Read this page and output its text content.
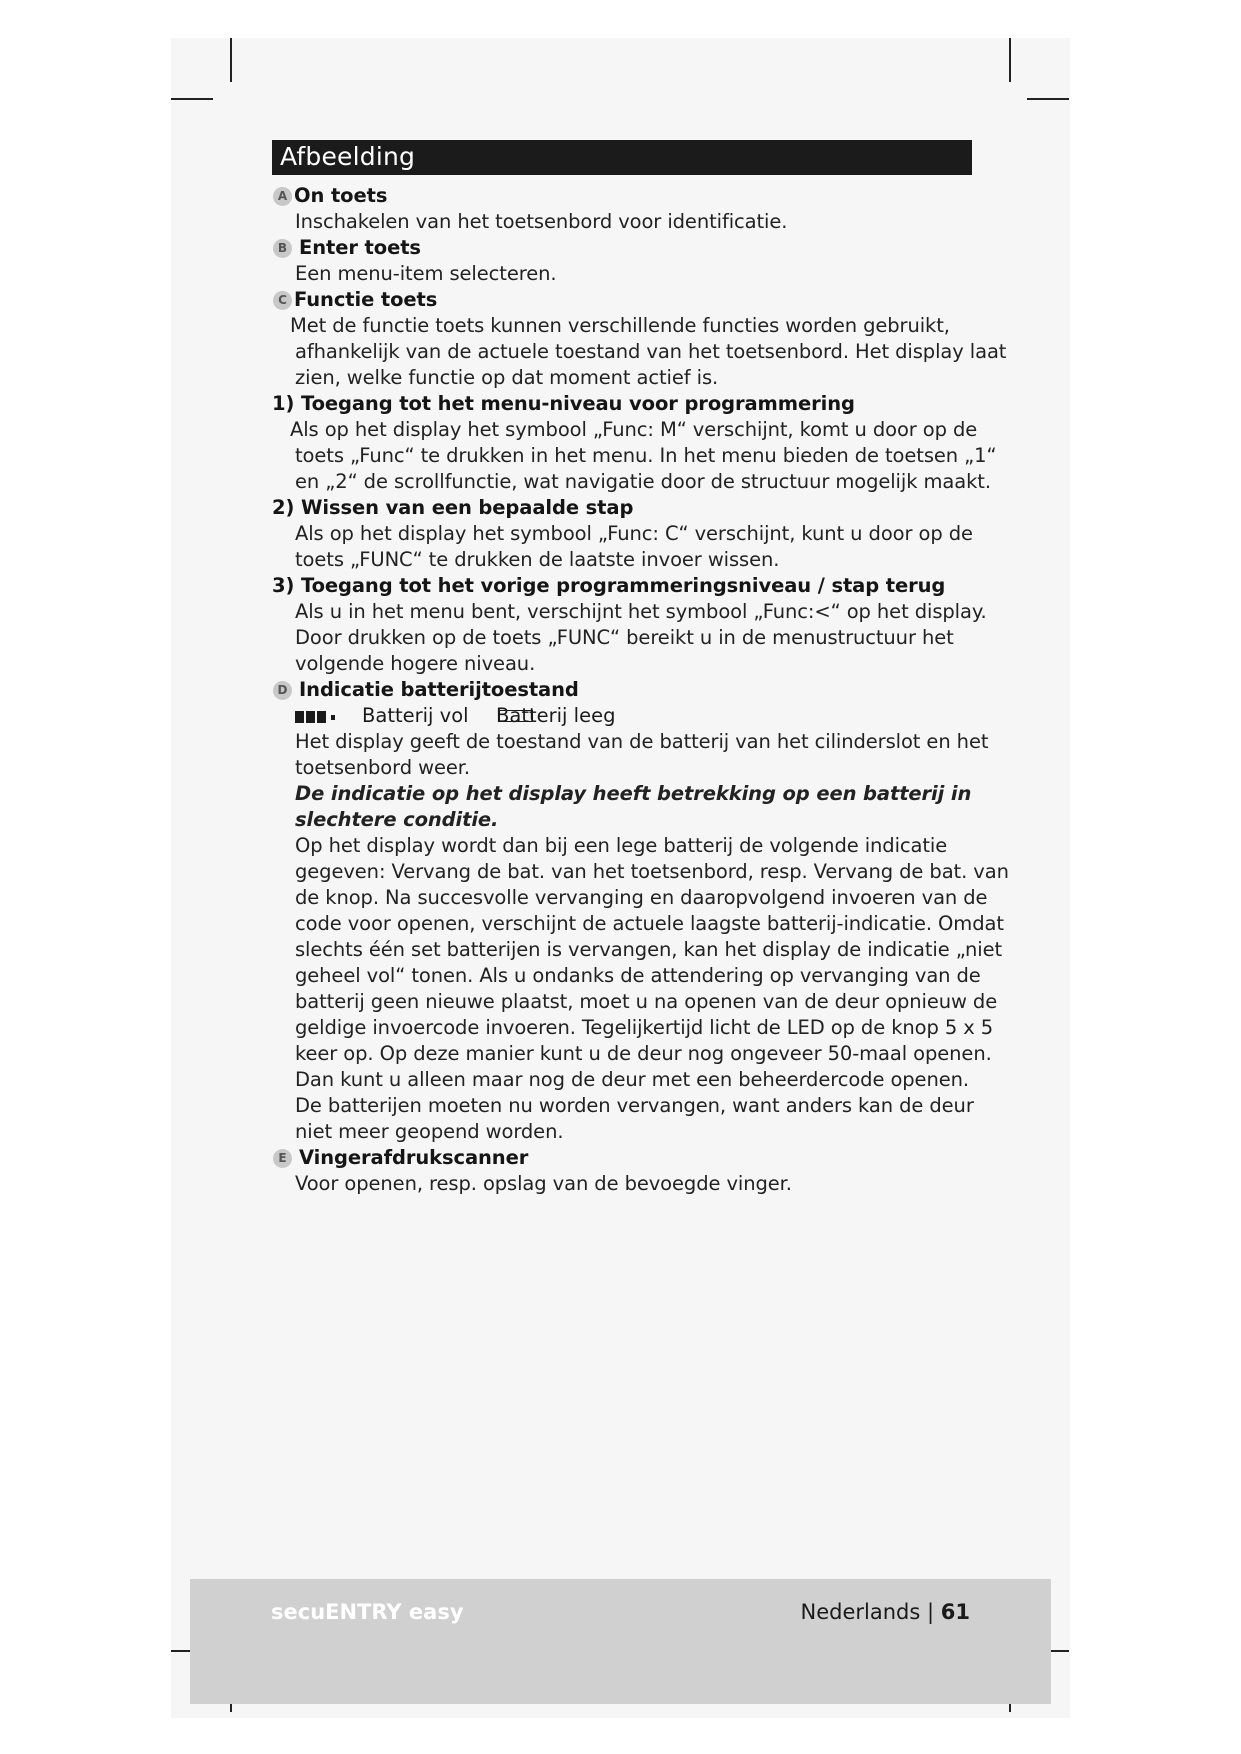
Afbeelding
A On toets
Inschakelen van het toetsenbord voor identificatie.
B Enter toets
Een menu-item selecteren.
C Functie toets
Met de functie toets kunnen verschillende functies worden gebruikt,
afhankelijk van de actuele toestand van het toetsenbord. Het display laat
zien, welke functie op dat moment actief is.
1) Toegang tot het menu-niveau voor programmering
Als op het display het symbool „Func: M“ verschijnt, komt u door op de
toets „Func“ te drukken in het menu. In het menu bieden de toetsen „1“
en „2“ de scrollfunctie, wat navigatie door de structuur mogelijk maakt.
2) Wissen van een bepaalde stap
Als op het display het symbool „Func: C“ verschijnt, kunt u door op de
toets „FUNC“ te drukken de laatste invoer wissen.
3) Toegang tot het vorige programmeringsniveau / stap terug
Als u in het menu bent, verschijnt het symbool „Func:<“ op het display.
Door drukken op de toets „FUNC“ bereikt u in de menustructuur het
volgende hogere niveau.
D Indicatie batterijtoestand
Batterij vol Batterij leeg
Het display geeft de toestand van de batterij van het cilinderslot en het
toetsenbord weer.
De indicatie op het display heeft betrekking op een batterij in
slechtere conditie.
Op het display wordt dan bij een lege batterij de volgende indicatie
gegeven: Vervang de bat. van het toetsenbord, resp. Vervang de bat. van
de knop. Na succesvolle vervanging en daaropvolgend invoeren van de
code voor openen, verschijnt de actuele laagste batterij-indicatie. Omdat
slechts één set batterijen is vervangen, kan het display de indicatie „niet
geheel vol“ tonen. Als u ondanks de attendering op vervanging van de
batterij geen nieuwe plaatst, moet u na openen van de deur opnieuw de
geldige invoercode invoeren. Tegelijkertijd licht de LED op de knop 5 x 5
keer op. Op deze manier kunt u de deur nog ongeveer 50-maal openen.
Dan kunt u alleen maar nog de deur met een beheerdercode openen.
De batterijen moeten nu worden vervangen, want anders kan de deur
niet meer geopend worden.
E Vingerafdrukscanner
Voor openen, resp. opslag van de bevoegde vinger.
secuENTRY easy	Nederlands | 61
